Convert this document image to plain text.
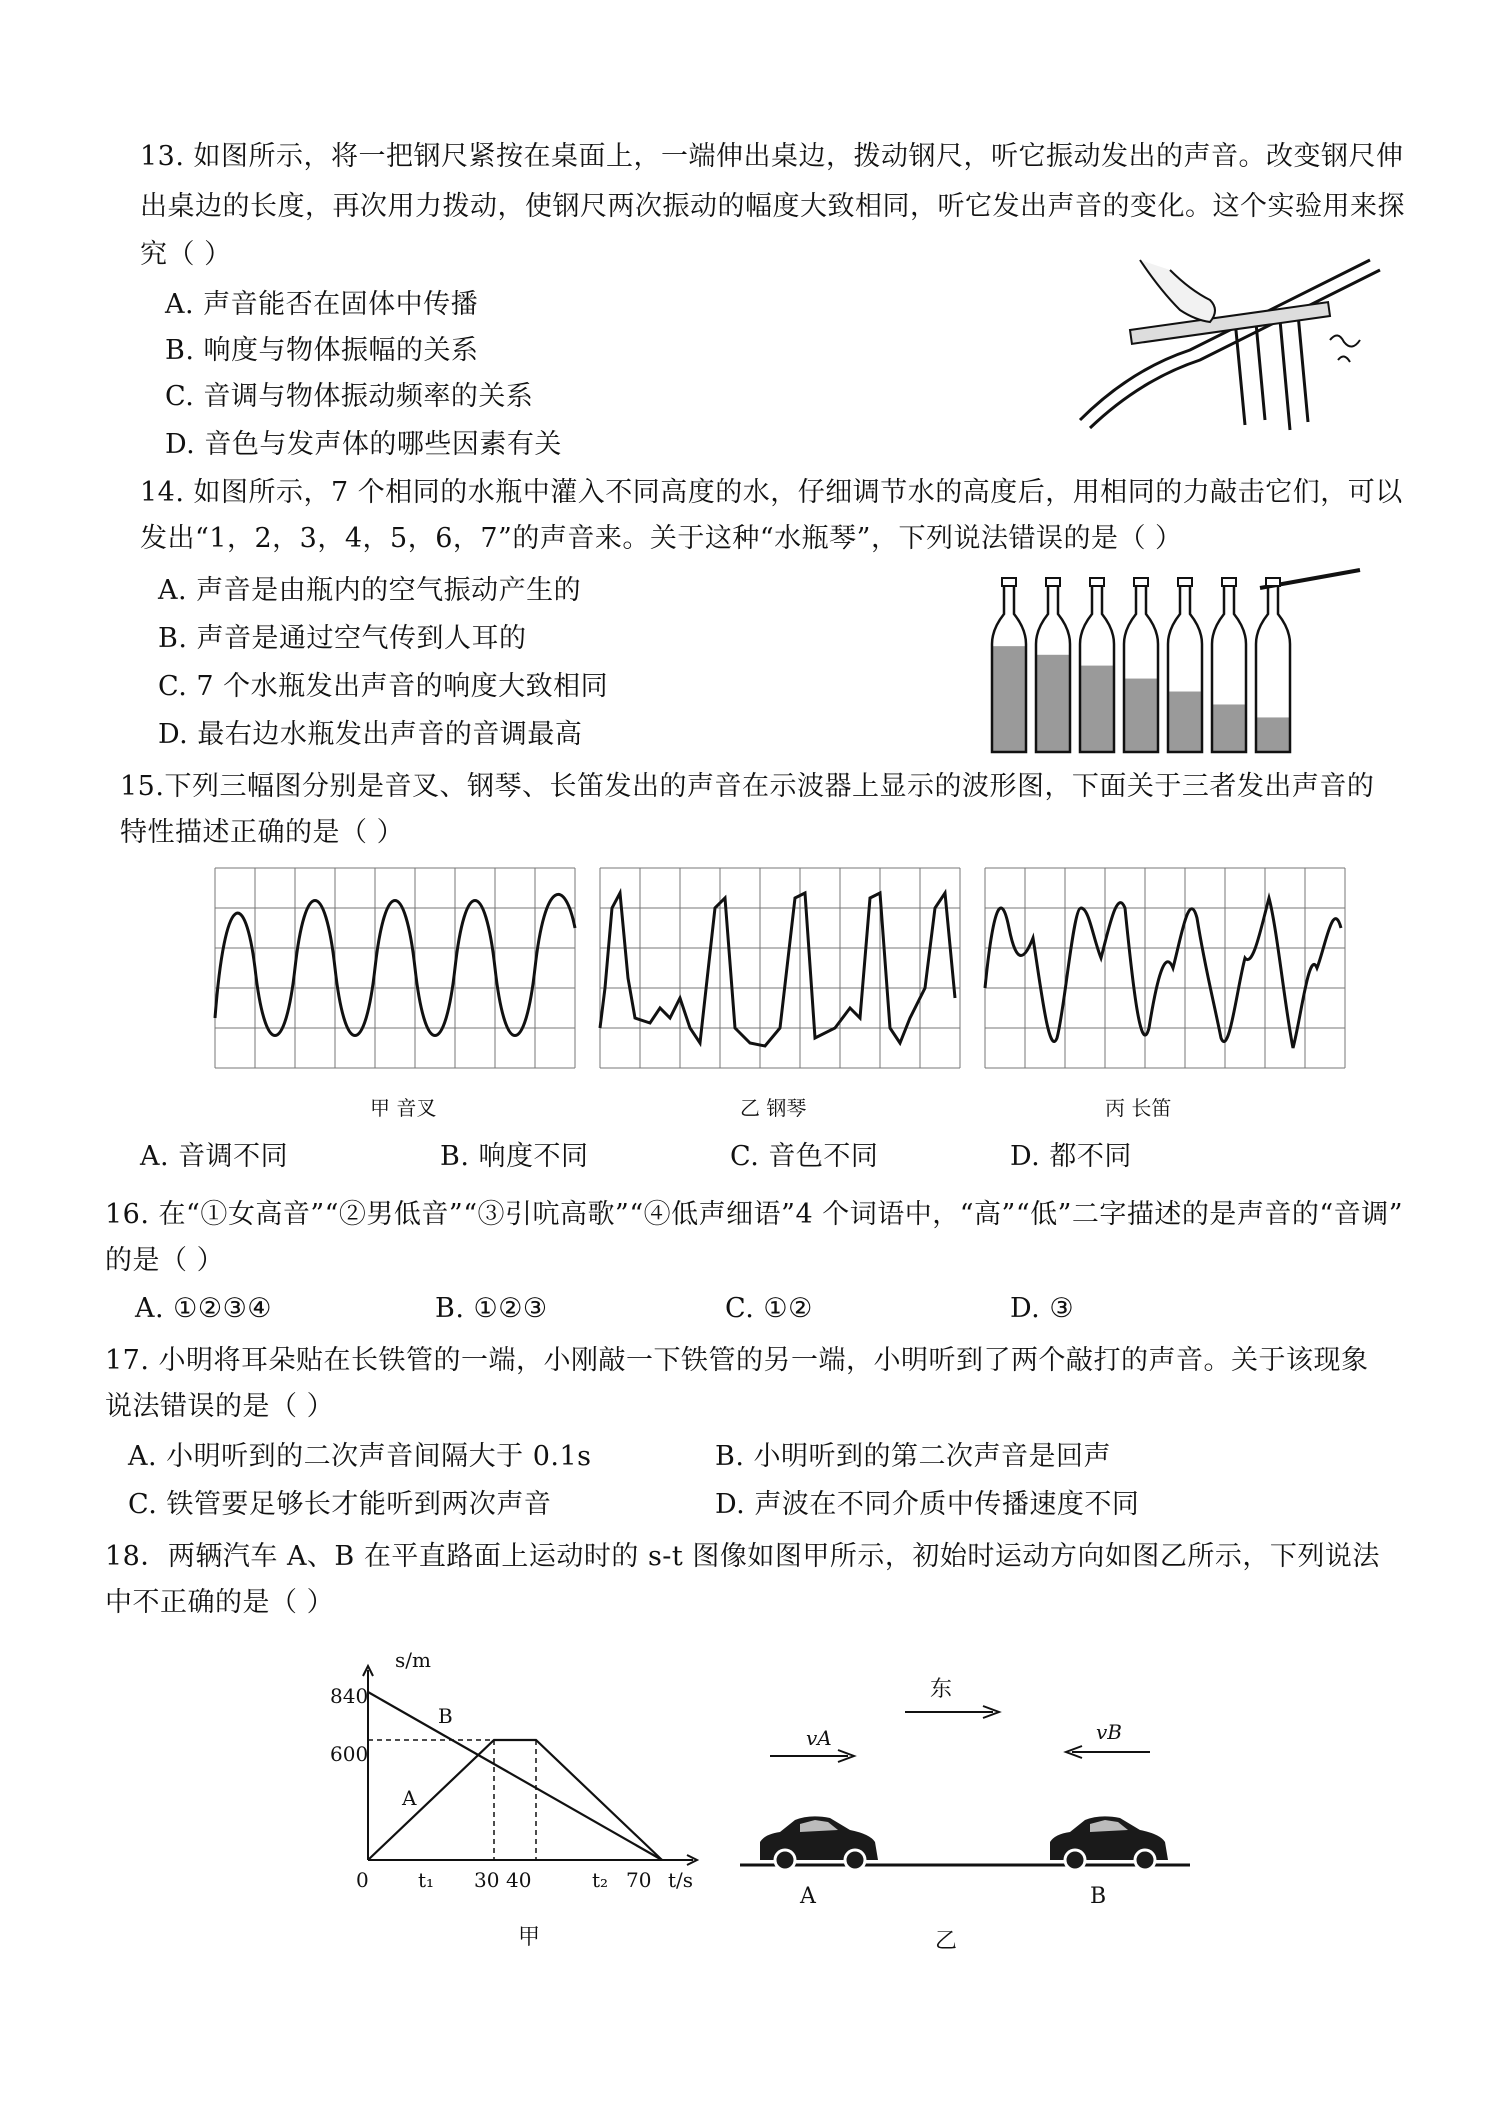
13. 如图所示，将一把钢尺紧按在桌面上，一端伸出桌边，拨动钢尺，听它振动发出的声音。改变钢尺伸
出桌边的长度，再次用力拨动，使钢尺两次振动的幅度大致相同，听它发出声音的变化。这个实验用来探
究（ ）
A. 声音能否在固体中传播
B. 响度与物体振幅的关系
C. 音调与物体振动频率的关系
D. 音色与发声体的哪些因素有关
14. 如图所示，7 个相同的水瓶中灌入不同高度的水，仔细调节水的高度后，用相同的力敲击它们，可以
发出“1，2，3，4，5，6，7”的声音来。关于这种“水瓶琴”，下列说法错误的是（ ）
A. 声音是由瓶内的空气振动产生的
B. 声音是通过空气传到人耳的
C. 7 个水瓶发出声音的响度大致相同
D. 最右边水瓶发出声音的音调最高
15.下列三幅图分别是音叉、钢琴、长笛发出的声音在示波器上显示的波形图，下面关于三者发出声音的
特性描述正确的是（ ）
甲 音叉	乙 钢琴	丙 长笛
A. 音调不同	B. 响度不同	C. 音色不同	D. 都不同
16. 在“①女高音”“②男低音”“③引吭高歌”“④低声细语”4 个词语中，“高”“低”二字描述的是声音的“音调”
的是（ ）
A. ①②③④	B. ①②③	C. ①②	D. ③
17. 小明将耳朵贴在长铁管的一端，小刚敲一下铁管的另一端，小明听到了两个敲打的声音。关于该现象
说法错误的是（ ）
A. 小明听到的二次声音间隔大于 0.1s	B. 小明听到的第二次声音是回声
C. 铁管要足够长才能听到两次声音	D. 声波在不同介质中传播速度不同
18．两辆汽车 A、B 在平直路面上运动时的 s-t 图像如图甲所示，初始时运动方向如图乙所示，下列说法
中不正确的是（ ）
s/m
t/s
0
840
600
t₁ 30 40	t₂ 70
B
A
甲
东
vA	vB
A	B
乙
